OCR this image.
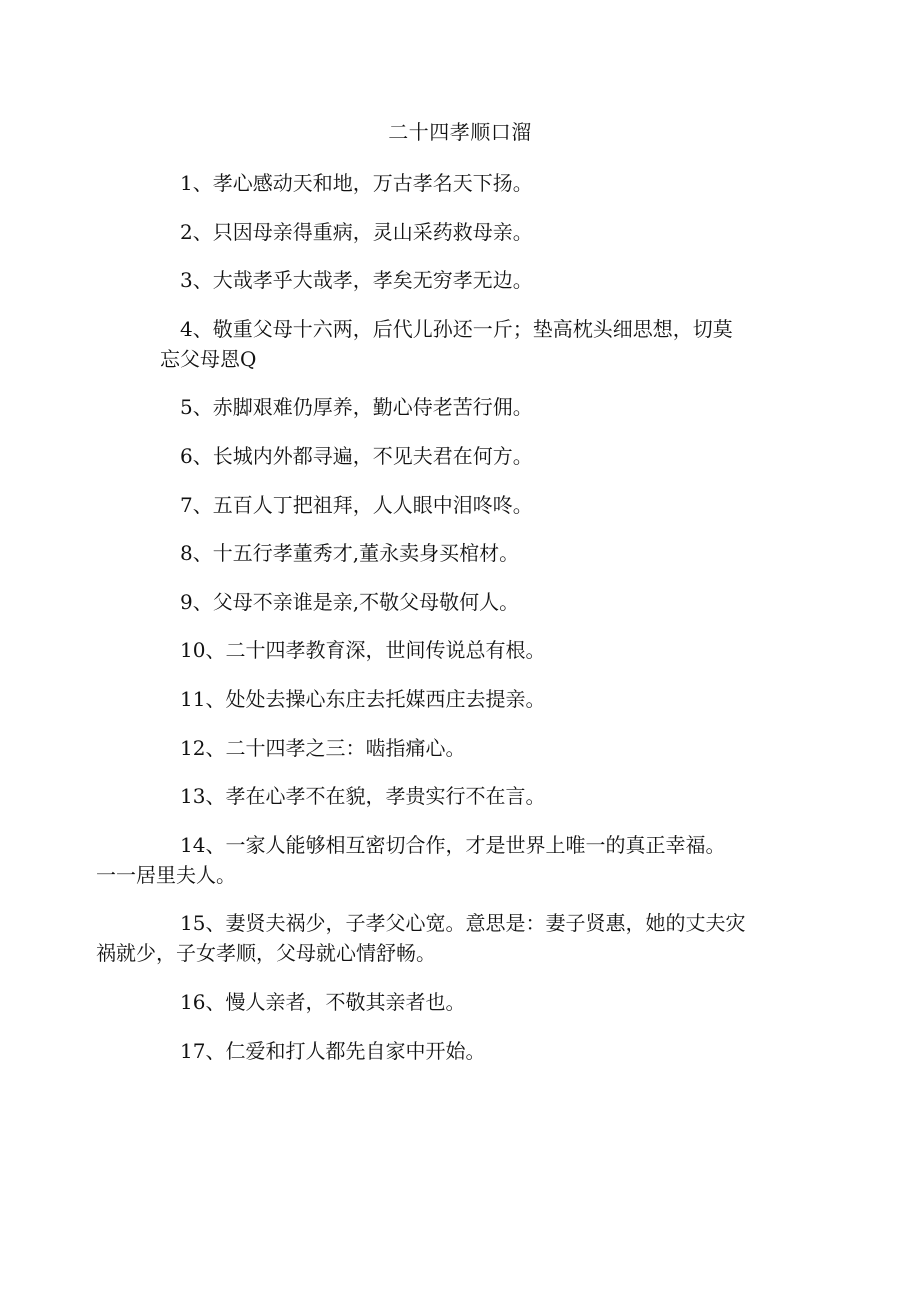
二十四孝顺口溜

1、孝心感动天和地，万古孝名天下扬。

2、只因母亲得重病，灵山采药救母亲。

3、大哉孝乎大哉孝，孝矣无穷孝无边。

4、敬重父母十六两，后代儿孙还一斤；垫高枕头细思想，切莫
忘父母恩Q

5、赤脚艰难仍厚养，勤心侍老苦行佣。

6、长城内外都寻遍，不见夫君在何方。

7、五百人丁把祖拜，人人眼中泪咚咚。

8、十五行孝董秀才,董永卖身买棺材。

9、父母不亲谁是亲,不敬父母敬何人。

10、二十四孝教育深，世间传说总有根。

11、处处去操心东庄去托媒西庄去提亲。

12、二十四孝之三：啮指痛心。

13、孝在心孝不在貌，孝贵实行不在言。

14、一家人能够相互密切合作，才是世界上唯一的真正幸福。
一一居里夫人。

15、妻贤夫祸少，子孝父心宽。意思是：妻子贤惠，她的丈夫灾
祸就少，子女孝顺，父母就心情舒畅。

16、慢人亲者，不敬其亲者也。

17、仁爱和打人都先自家中开始。
